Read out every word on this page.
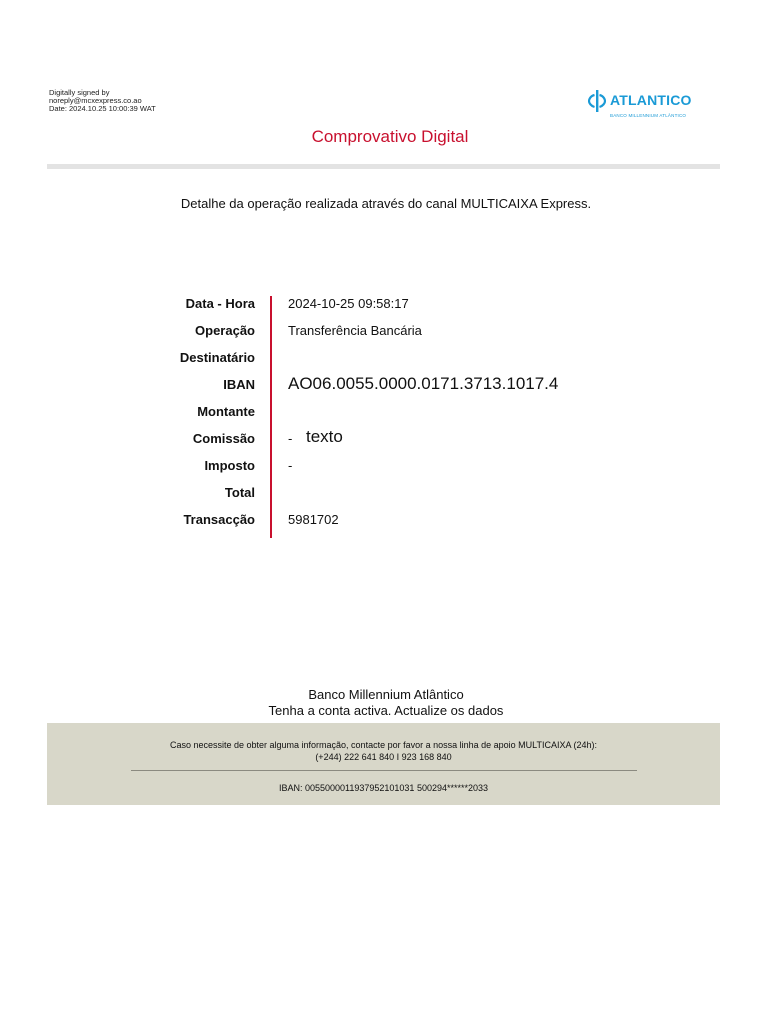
Digitally signed by
noreply@mcxexpress.co.ao
Date: 2024.10.25 10:00:39 WAT
ATLANTICO
BANCO MILLENNIUM ATLÂNTICO
Comprovativo Digital
Detalhe da operação realizada através do canal MULTICAIXA Express.
Data - Hora	2024-10-25 09:58:17
Operação	Transferência Bancária
Destinatário
IBAN AO06.0055.0000.0171.3713.1017.4
Montante
Comissão	- texto
Imposto	-
Total
Transacção	5981702
Banco Millennium Atlântico
Tenha a conta activa. Actualize os dados
Caso necessite de obter alguma informação, contacte por favor a nossa linha de apoio MULTICAIXA (24h):
(+244) 222 641 840 I 923 168 840
IBAN: 0055000011937952101031 500294******2033
